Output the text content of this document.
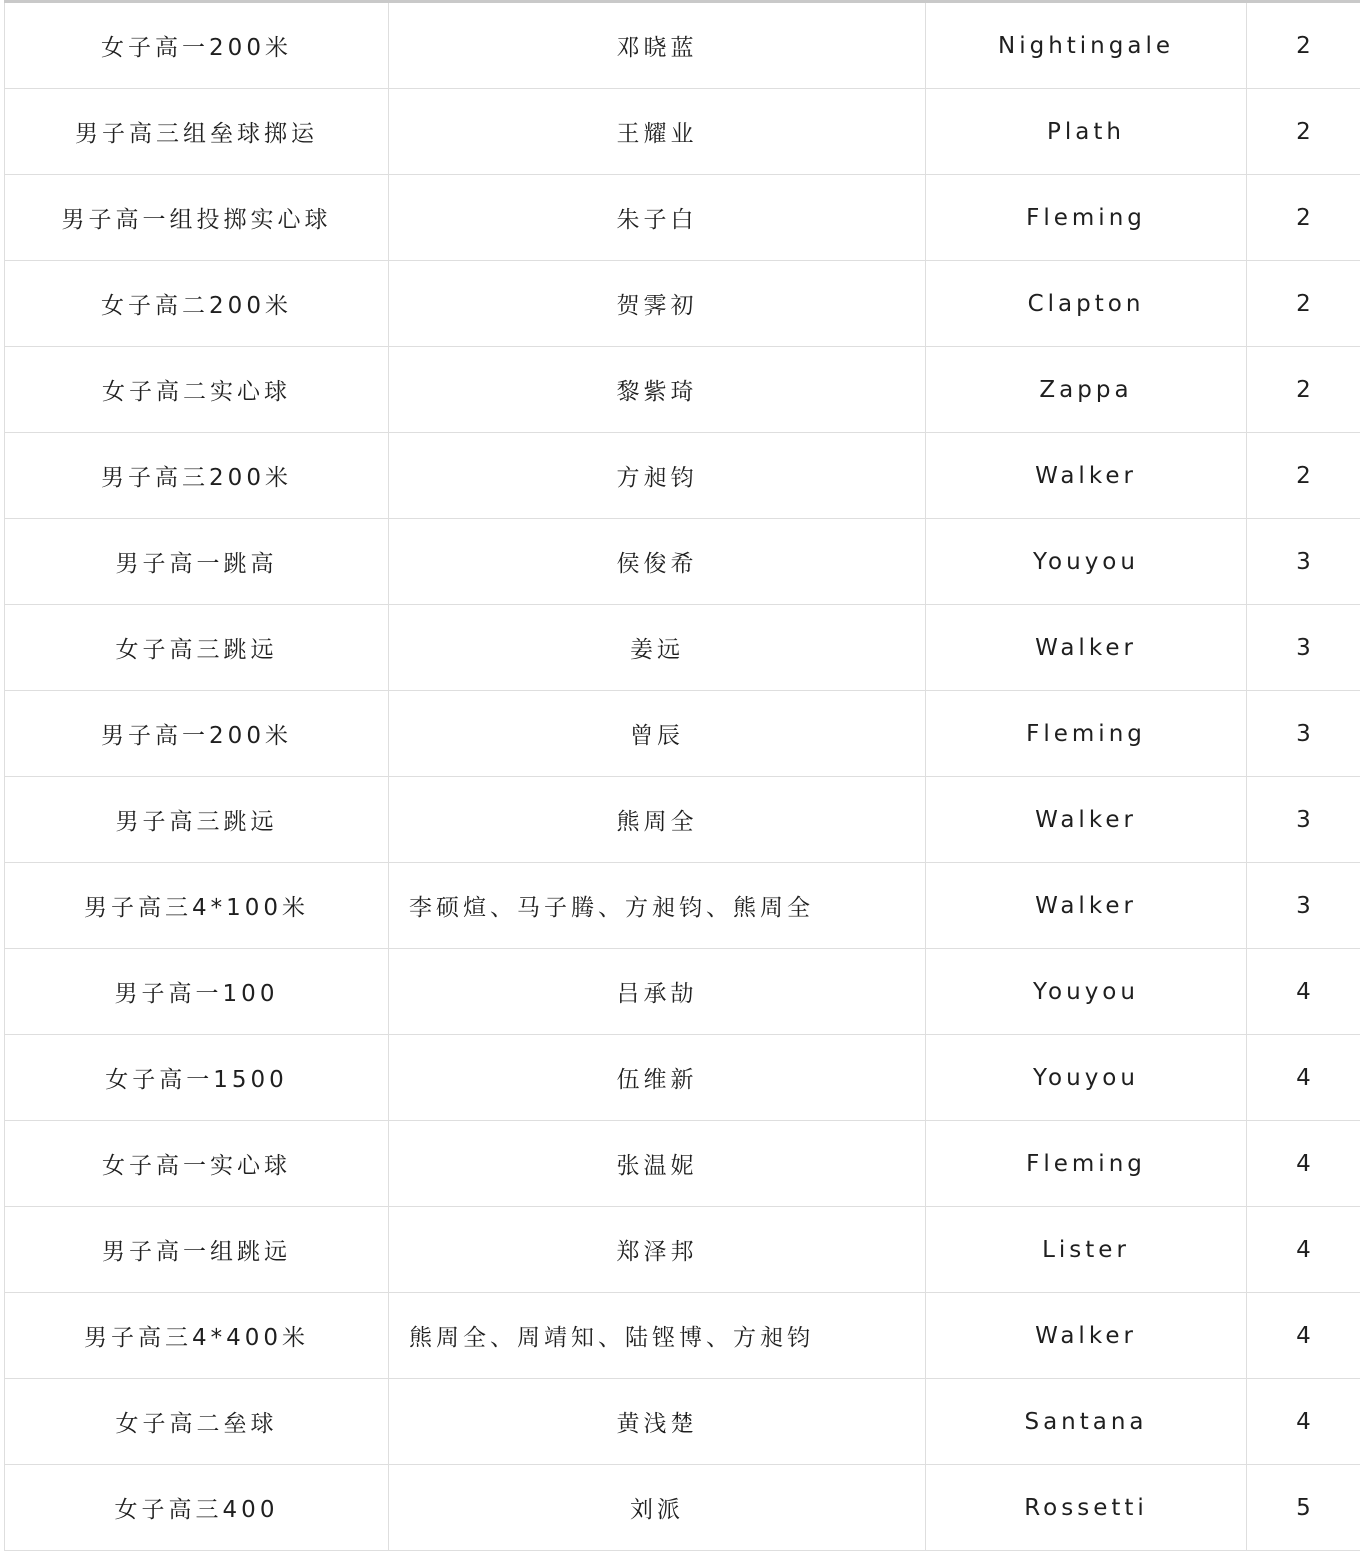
女子高一200米	邓晓蓝	Nightingale	2
男子高三组垒球掷运	王耀业	Plath	2
男子高一组投掷实心球	朱子白	Fleming	2
女子高二200米	贺霁初	Clapton	2
女子高二实心球	黎紫琦	Zappa	2
男子高三200米	方昶钧	Walker	2
男子高一跳高	侯俊希	Youyou	3
女子高三跳远	姜远	Walker	3
男子高一200米	曾辰	Fleming	3
男子高三跳远	熊周全	Walker	3
男子高三4*100米	李硕煊、马子腾、方昶钧、熊周全	Walker	3
男子高一100	吕承劼	Youyou	4
女子高一1500	伍维新	Youyou	4
女子高一实心球	张温妮	Fleming	4
男子高一组跳远	郑泽邦	Lister	4
男子高三4*400米	熊周全、周靖知、陆铿博、方昶钧	Walker	4
女子高二垒球	黄浅楚	Santana	4
女子高三400	刘派	Rossetti	5
